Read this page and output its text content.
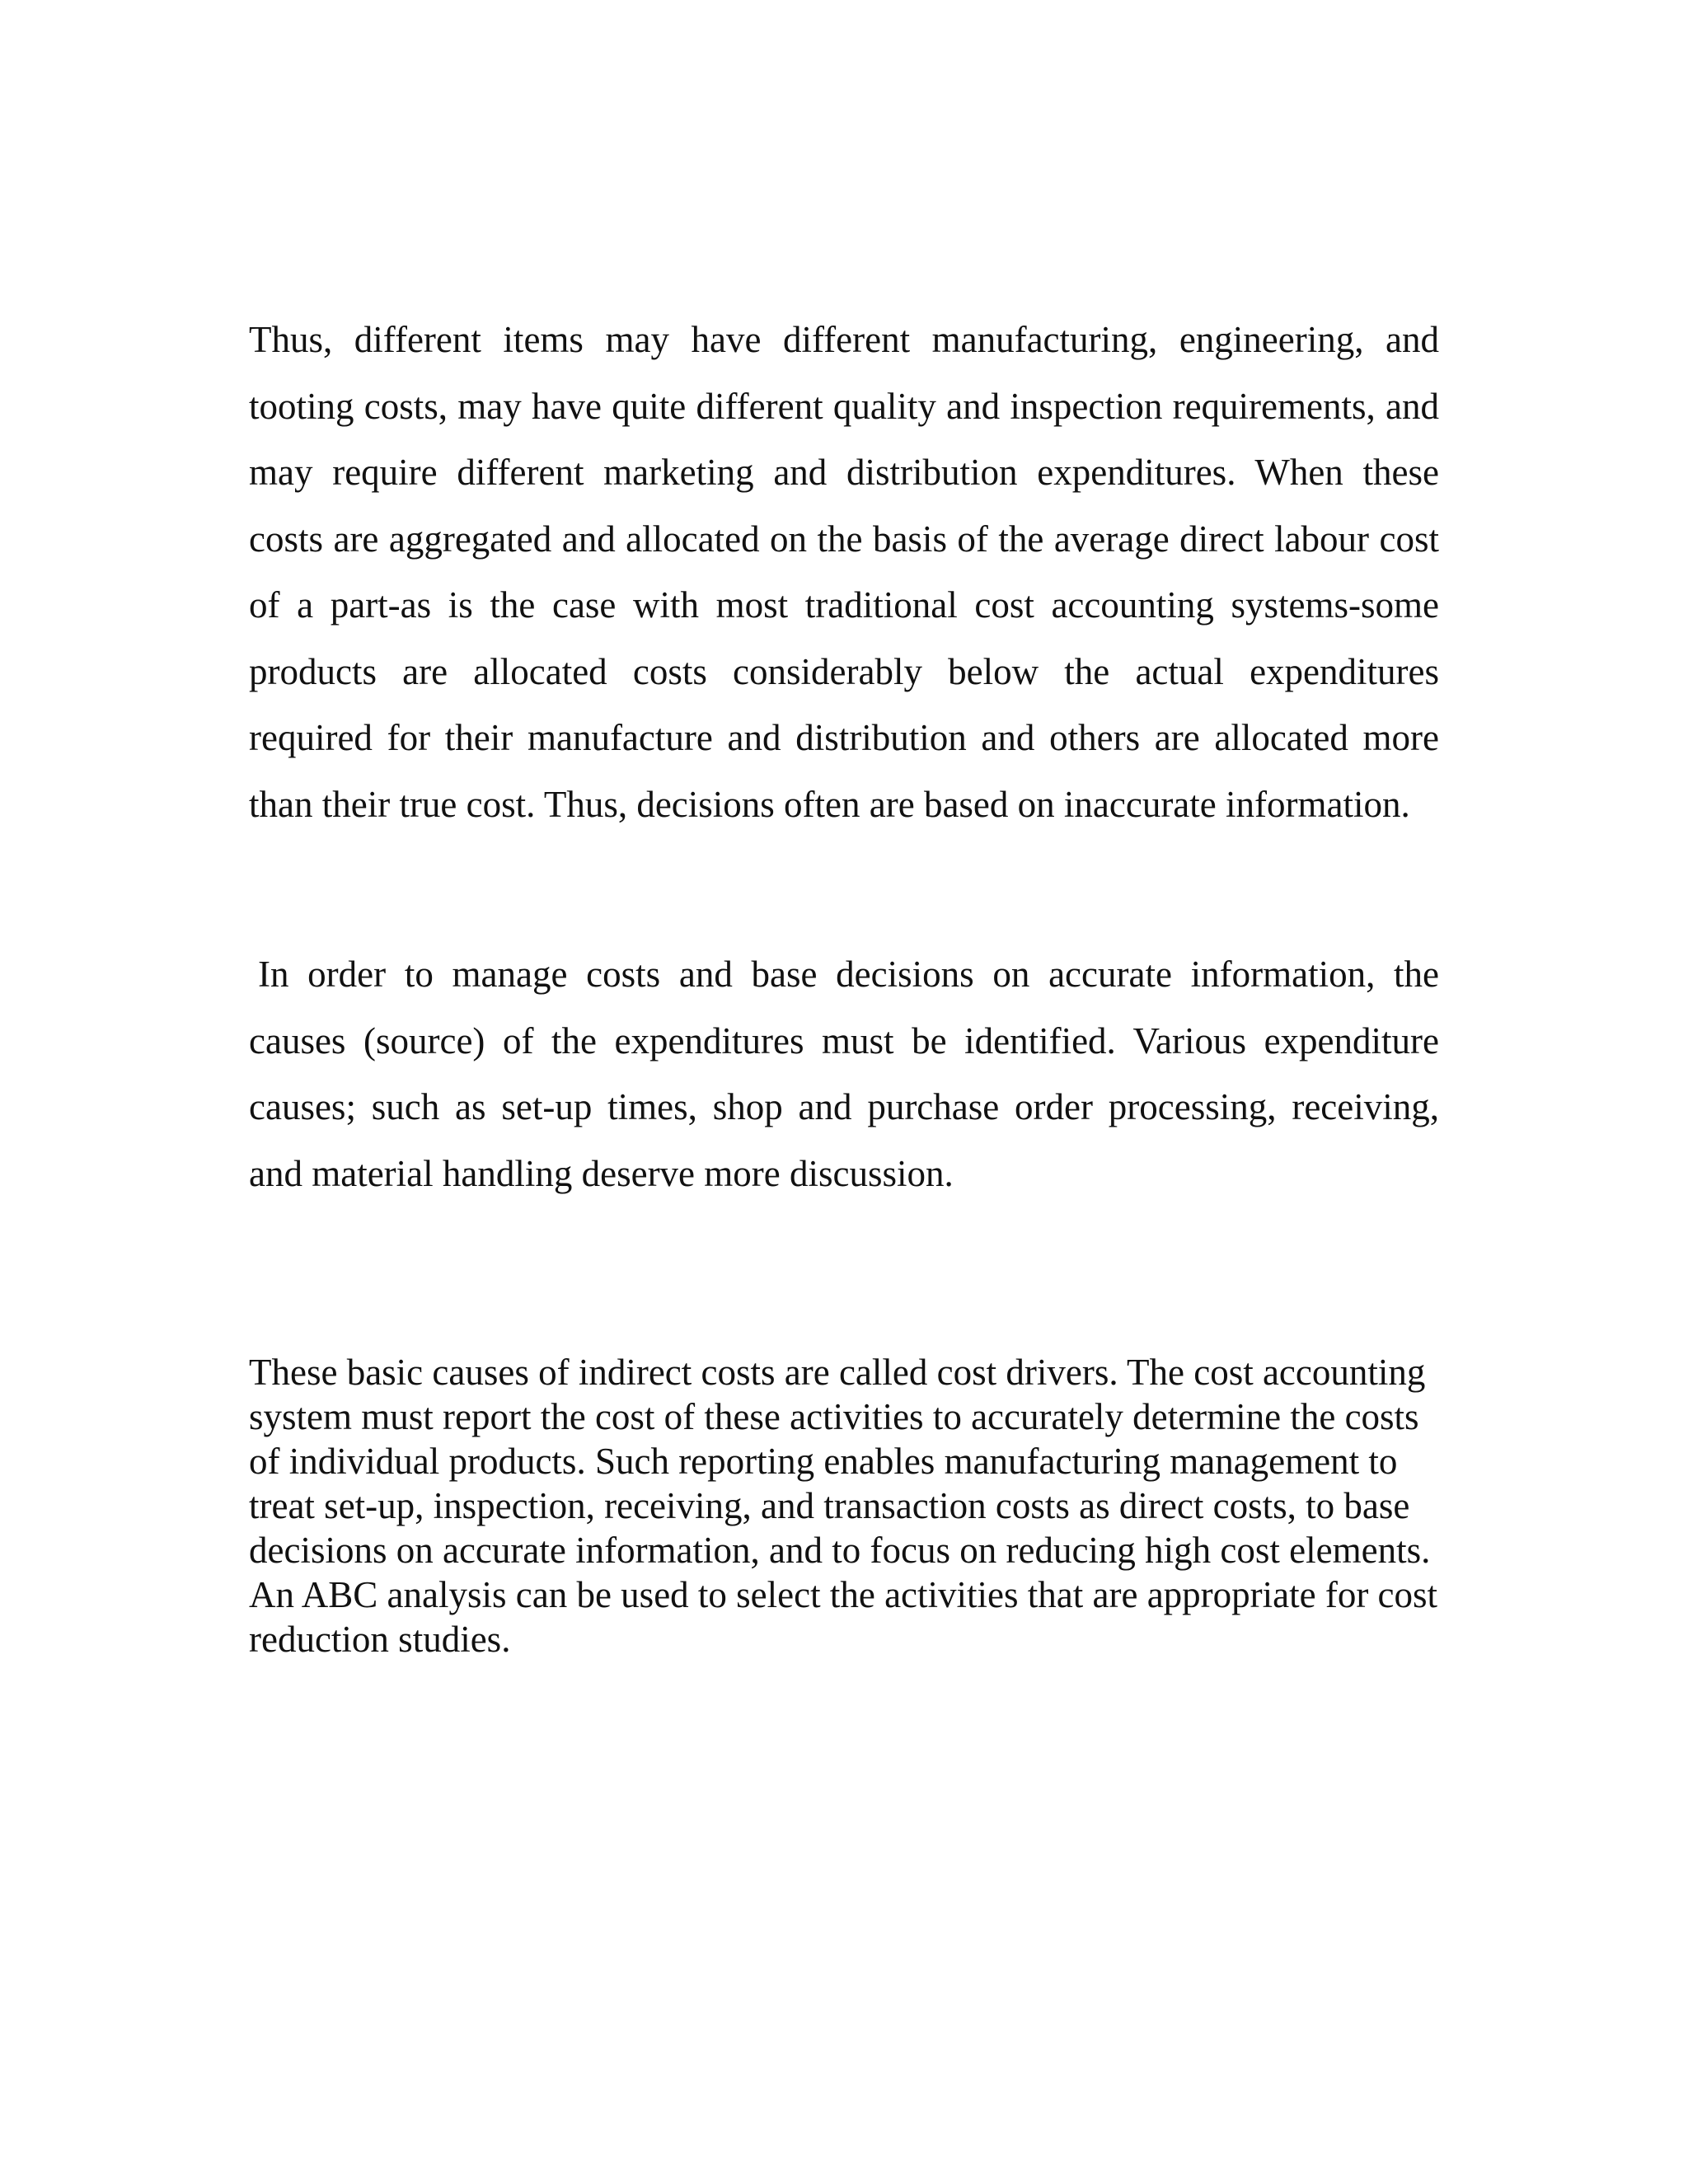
Thus, different items may have different manufacturing, engineering, and tooting costs, may have quite different quality and inspection requirements, and may require different marketing and distribution expenditures. When these costs are aggregated and allocated on the basis of the average direct labour cost of a part-as is the case with most traditional cost accounting systems-some products are allocated costs considerably below the actual expenditures required for their manufacture and distribution and others are allocated more than their true cost. Thus, decisions often are based on inaccurate information.

In order to manage costs and base decisions on accurate information, the causes (source) of the expenditures must be identified. Various expenditure causes; such as set-up times, shop and purchase order processing, receiving, and material handling deserve more discussion.

These basic causes of indirect costs are called cost drivers. The cost accounting system must report the cost of these activities to accurately determine the costs of individual products. Such reporting enables manufacturing management to treat set-up, inspection, receiving, and transaction costs as direct costs, to base decisions on accurate information, and to focus on reducing high cost elements. An ABC analysis can be used to select the activities that are appropriate for cost reduction studies.
